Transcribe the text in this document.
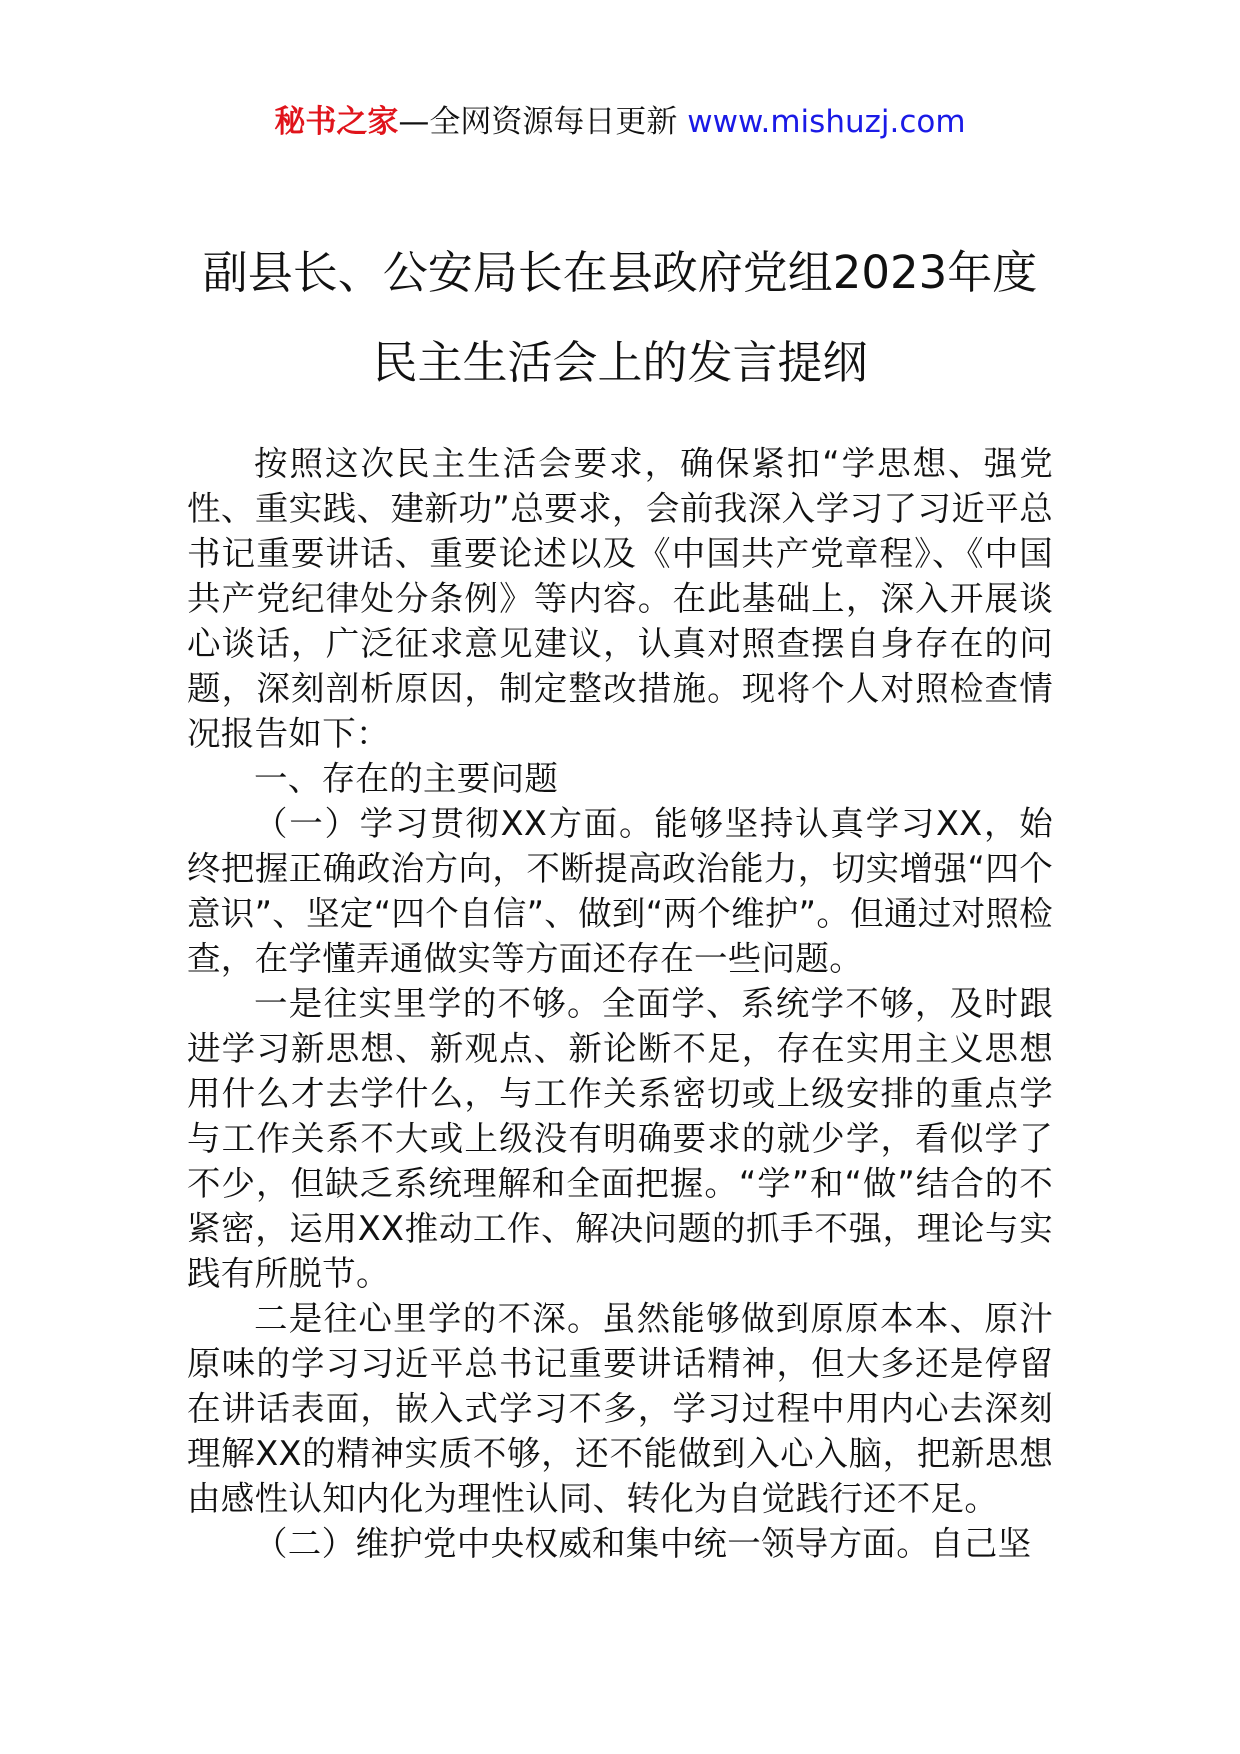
秘书之家—全网资源每日更新 www.mishuzj.com
副县长、公安局长在县政府党组2023年度
民主生活会上的发言提纲

按照这次民主生活会要求，确保紧扣“学思想、强党性、重实践、建新功”总要求，会前我深入学习了习近平总书记重要讲话、重要论述以及《中国共产党章程》、《中国共产党纪律处分条例》等内容。在此基础上，深入开展谈心谈话，广泛征求意见建议，认真对照查摆自身存在的问题，深刻剖析原因，制定整改措施。现将个人对照检查情况报告如下：

一、存在的主要问题

（一）学习贯彻XX方面。能够坚持认真学习XX，始终把握正确政治方向，不断提高政治能力，切实增强“四个意识”、坚定“四个自信”、做到“两个维护”。但通过对照检查，在学懂弄通做实等方面还存在一些问题。

一是往实里学的不够。全面学、系统学不够，及时跟进学习新思想、新观点、新论断不足，存在实用主义思想用什么才去学什么，与工作关系密切或上级安排的重点学与工作关系不大或上级没有明确要求的就少学，看似学了不少，但缺乏系统理解和全面把握。“学”和“做”结合的不紧密，运用XX推动工作、解决问题的抓手不强，理论与实践有所脱节。

二是往心里学的不深。虽然能够做到原原本本、原汁原味的学习习近平总书记重要讲话精神，但大多还是停留在讲话表面，嵌入式学习不多，学习过程中用内心去深刻理解XX的精神实质不够，还不能做到入心入脑，把新思想由感性认知内化为理性认同、转化为自觉践行还不足。

（二）维护党中央权威和集中统一领导方面。自己坚
